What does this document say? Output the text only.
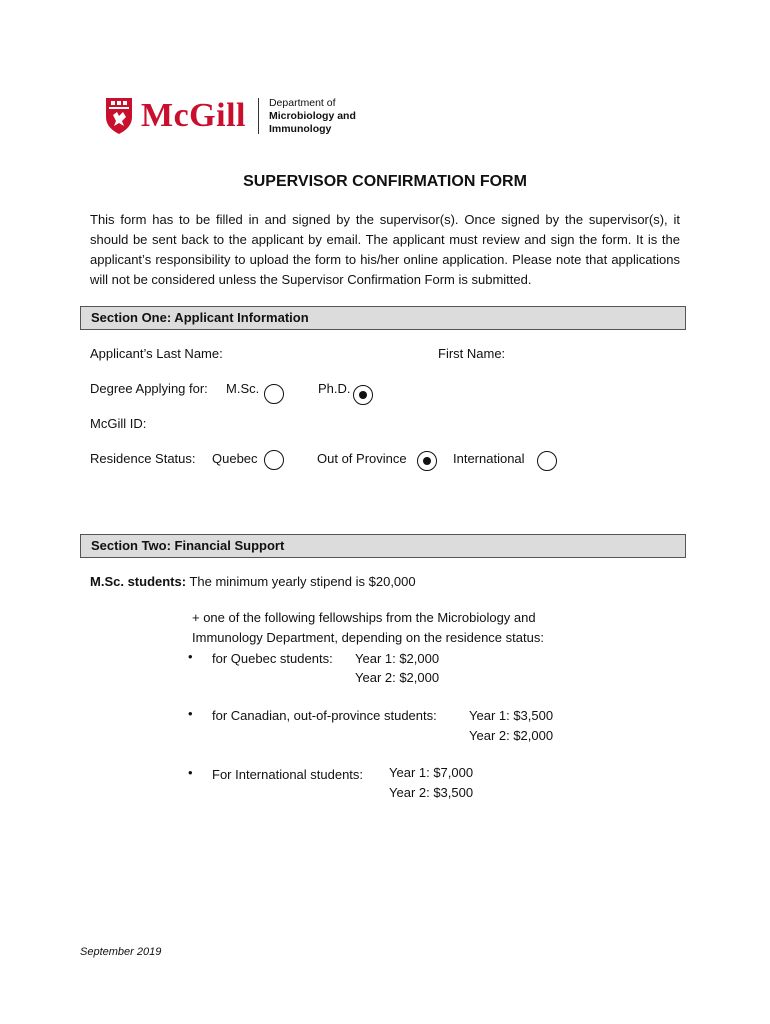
McGill Department of
Microbiology and
Immunology
SUPERVISOR CONFIRMATION FORM
This form has to be filled in and signed by the supervisor(s). Once signed by the supervisor(s), it should be sent back to the applicant by email. The applicant must review and sign the form. It is the applicant’s responsibility to upload the form to his/her online application. Please note that applications will not be considered unless the Supervisor Confirmation Form is submitted.
Section One: Applicant Information
Applicant’s Last Name:	First Name:
Degree Applying for: M.Sc.	Ph.D.
McGill ID:
Residence Status: Quebec	Out of Province	International
Section Two: Financial Support
M.Sc. students: The minimum yearly stipend is $20,000
+ one of the following fellowships from the Microbiology and
Immunology Department, depending on the residence status:
• for Quebec students: Year 1: $2,000
Year 2: $2,000
• for Canadian, out-of-province students: Year 1: $3,500
Year 2: $2,000
• For International students: Year 1: $7,000
Year 2: $3,500
September 2019
